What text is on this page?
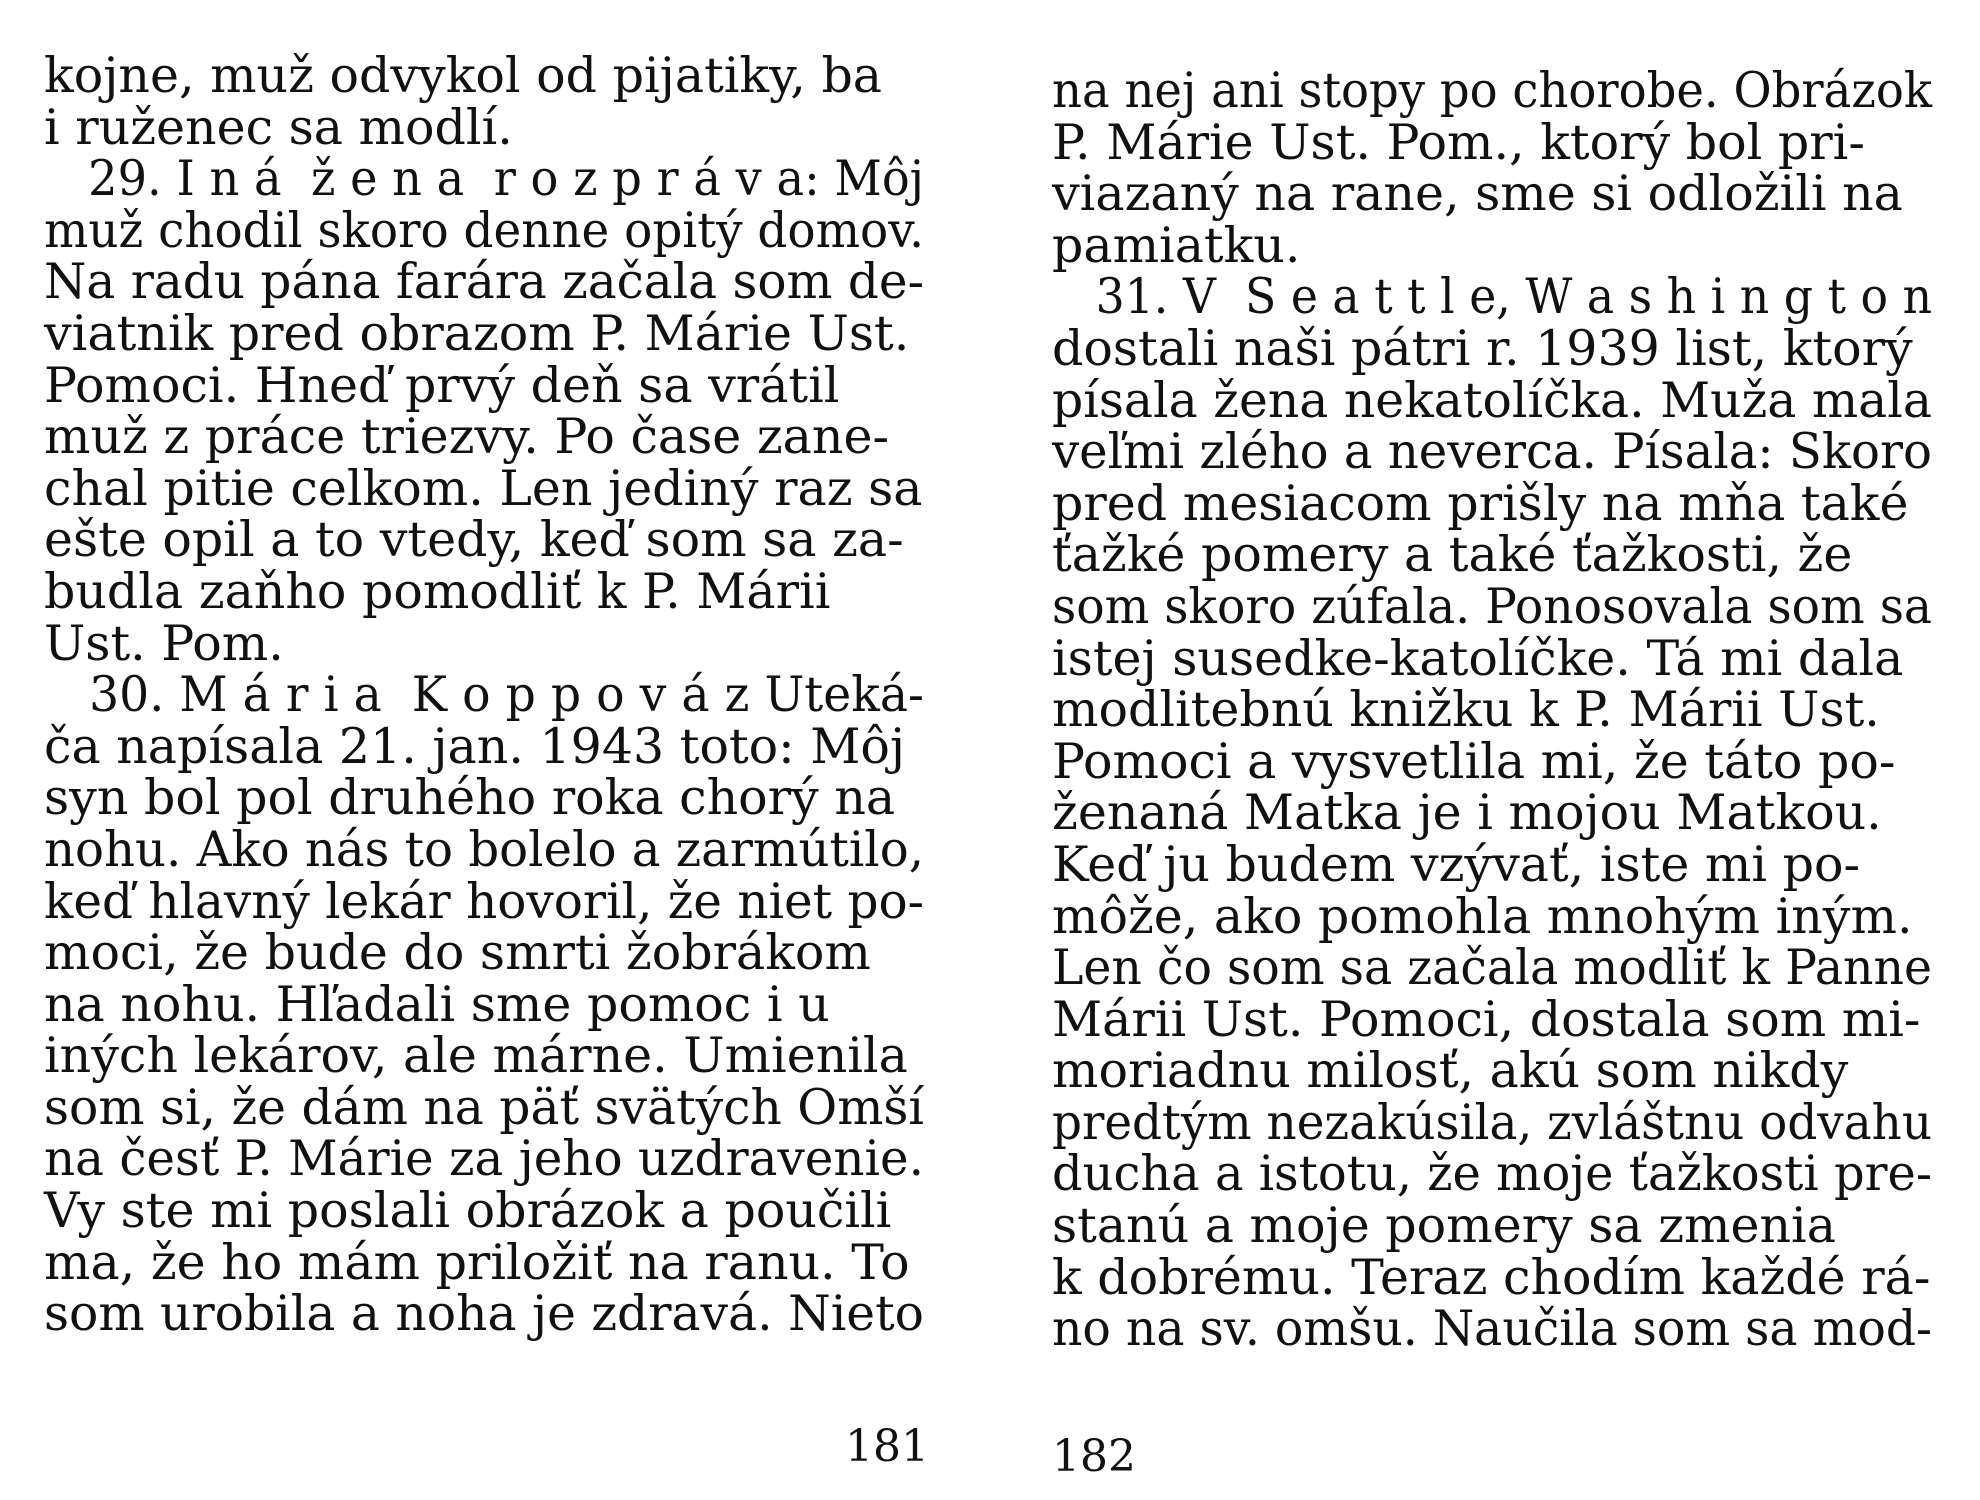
kojne, muž odvykol od pijatiky, ba
i ruženec sa modlí.
29. I n á  ž e n a  r o z p r á v a: Môj
muž chodil skoro denne opitý domov.
Na radu pána farára začala som de-
viatnik pred obrazom P. Márie Ust.
Pomoci. Hneď prvý deň sa vrátil
muž z práce triezvy. Po čase zane-
chal pitie celkom. Len jediný raz sa
ešte opil a to vtedy, keď som sa za-
budla zaňho pomodliť k P. Márii
Ust. Pom.
30. M á r i a  K o p p o v á z Uteká-
ča napísala 21. jan. 1943 toto: Môj
syn bol pol druhého roka chorý na
nohu. Ako nás to bolelo a zarmútilo,
keď hlavný lekár hovoril, že niet po-
moci, že bude do smrti žobrákom
na nohu. Hľadali sme pomoc i u
iných lekárov, ale márne. Umienila
som si, že dám na päť svätých Omší
na česť P. Márie za jeho uzdravenie.
Vy ste mi poslali obrázok a poučili
ma, že ho mám priložiť na ranu. To
som urobila a noha je zdravá. Nieto
181
na nej ani stopy po chorobe. Obrázok
P. Márie Ust. Pom., ktorý bol pri-
viazaný na rane, sme si odložili na
pamiatku.
31. V  S e a t t l e, W a s h i n g t o n
dostali naši pátri r. 1939 list, ktorý
písala žena nekatolíčka. Muža mala
veľmi zlého a neverca. Písala: Skoro
pred mesiacom prišly na mňa také
ťažké pomery a také ťažkosti, že
som skoro zúfala. Ponosovala som sa
istej susedke-katolíčke. Tá mi dala
modlitebnú knižku k P. Márii Ust.
Pomoci a vysvetlila mi, že táto po-
ženaná Matka je i mojou Matkou.
Keď ju budem vzývať, iste mi po-
môže, ako pomohla mnohým iným.
Len čo som sa začala modliť k Panne
Márii Ust. Pomoci, dostala som mi-
moriadnu milosť, akú som nikdy
predtým nezakúsila, zvláštnu odvahu
ducha a istotu, že moje ťažkosti pre-
stanú a moje pomery sa zmenia
k dobrému. Teraz chodím každé rá-
no na sv. omšu. Naučila som sa mod-
182
